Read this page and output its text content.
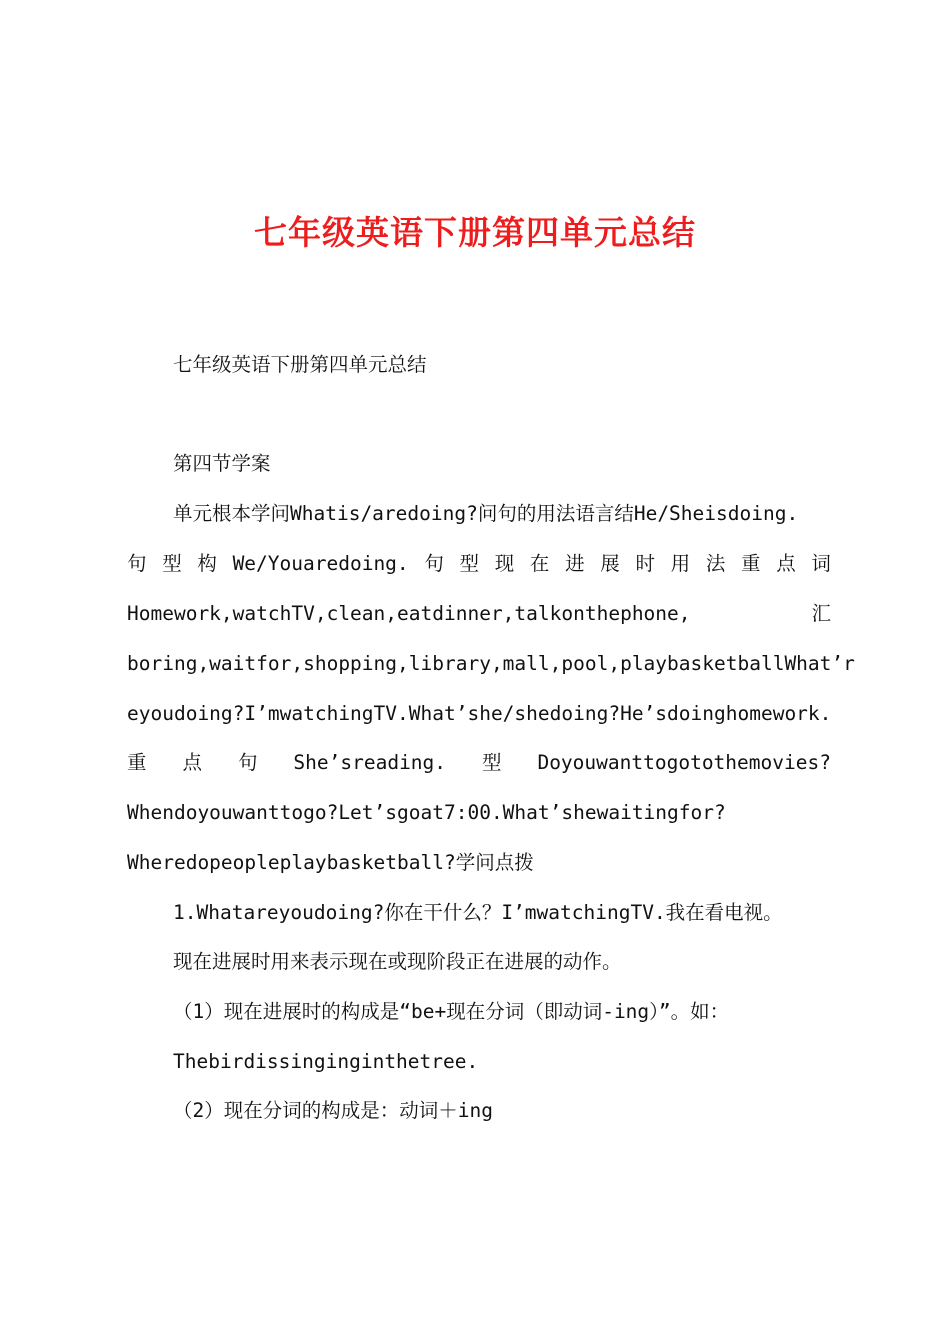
七年级英语下册第四单元总结
七年级英语下册第四单元总结
第四节学案
单元根本学问Whatis/aredoing?问句的用法语言结He/Sheisdoing.
句 型 构 We/Youaredoing. 句 型 现 在 进 展 时 用 法 重 点 词
Homework,watchTV,clean,eatdinner,talkonthephone,	汇
boring,waitfor,shopping,library,mall,pool,playbasketballWhat’r
eyoudoing?I’mwatchingTV.What’she/shedoing?He’sdoinghomework.
重 点 句 She’sreading. 型 Doyouwanttogotothemovies?
Whendoyouwanttogo?Let’sgoat7:00.What’shewaitingfor?
Wheredopeopleplaybasketball?学问点拨
1.Whatareyoudoing?你在干什么？I’mwatchingTV.我在看电视。
现在进展时用来表示现在或现阶段正在进展的动作。
（1）现在进展时的构成是“be+现在分词（即动词-ing）”。如：
Thebirdissinginginthetree.
（2）现在分词的构成是：动词＋ing
